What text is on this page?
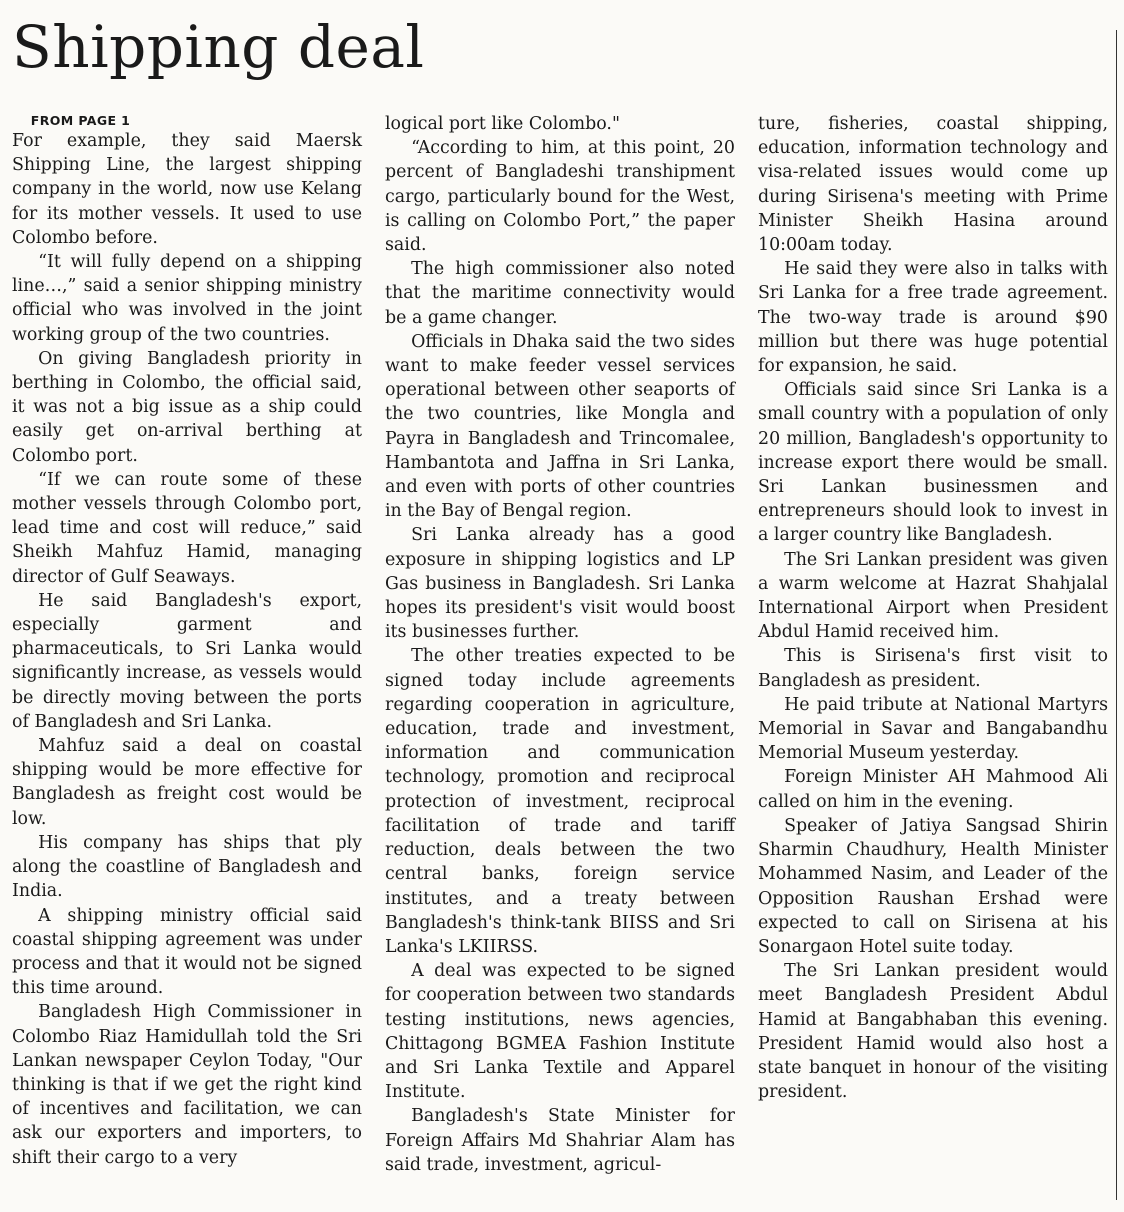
Shipping deal

FROM PAGE 1

For example, they said Maersk Shipping Line, the largest shipping company in the world, now use Kelang for its mother vessels. It used to use Colombo before.

“It will fully depend on a shipping line…,” said a senior shipping ministry official who was involved in the joint working group of the two countries.

On giving Bangladesh priority in berthing in Colombo, the official said, it was not a big issue as a ship could easily get on-arrival berthing at Colombo port.

“If we can route some of these mother vessels through Colombo port, lead time and cost will reduce,” said Sheikh Mahfuz Hamid, managing director of Gulf Seaways.

He said Bangladesh's export, especially garment and pharmaceuticals, to Sri Lanka would significantly increase, as vessels would be directly moving between the ports of Bangladesh and Sri Lanka.

Mahfuz said a deal on coastal shipping would be more effective for Bangladesh as freight cost would be low.

His company has ships that ply along the coastline of Bangladesh and India.

A shipping ministry official said coastal shipping agreement was under process and that it would not be signed this time around.

Bangladesh High Commissioner in Colombo Riaz Hamidullah told the Sri Lankan newspaper Ceylon Today, "Our thinking is that if we get the right kind of incentives and facilitation, we can ask our exporters and importers, to shift their cargo to a very

logical port like Colombo."

“According to him, at this point, 20 percent of Bangladeshi transhipment cargo, particularly bound for the West, is calling on Colombo Port,” the paper said.

The high commissioner also noted that the maritime connectivity would be a game changer.

Officials in Dhaka said the two sides want to make feeder vessel services operational between other seaports of the two countries, like Mongla and Payra in Bangladesh and Trincomalee, Hambantota and Jaffna in Sri Lanka, and even with ports of other countries in the Bay of Bengal region.

Sri Lanka already has a good exposure in shipping logistics and LP Gas business in Bangladesh. Sri Lanka hopes its president's visit would boost its businesses further.

The other treaties expected to be signed today include agreements regarding cooperation in agriculture, education, trade and investment, information and communication technology, promotion and reciprocal protection of investment, reciprocal facilitation of trade and tariff reduction, deals between the two central banks, foreign service institutes, and a treaty between Bangladesh's think-tank BIISS and Sri Lanka's LKIIRSS.

A deal was expected to be signed for cooperation between two standards testing institutions, news agencies, Chittagong BGMEA Fashion Institute and Sri Lanka Textile and Apparel Institute.

Bangladesh's State Minister for Foreign Affairs Md Shahriar Alam has said trade, investment, agricul-

ture, fisheries, coastal shipping, education, information technology and visa-related issues would come up during Sirisena's meeting with Prime Minister Sheikh Hasina around 10:00am today.

He said they were also in talks with Sri Lanka for a free trade agreement. The two-way trade is around $90 million but there was huge potential for expansion, he said.

Officials said since Sri Lanka is a small country with a population of only 20 million, Bangladesh's opportunity to increase export there would be small. Sri Lankan businessmen and entrepreneurs should look to invest in a larger country like Bangladesh.

The Sri Lankan president was given a warm welcome at Hazrat Shahjalal International Airport when President Abdul Hamid received him.

This is Sirisena's first visit to Bangladesh as president.

He paid tribute at National Martyrs Memorial in Savar and Bangabandhu Memorial Museum yesterday.

Foreign Minister AH Mahmood Ali called on him in the evening.

Speaker of Jatiya Sangsad Shirin Sharmin Chaudhury, Health Minister Mohammed Nasim, and Leader of the Opposition Raushan Ershad were expected to call on Sirisena at his Sonargaon Hotel suite today.

The Sri Lankan president would meet Bangladesh President Abdul Hamid at Bangabhaban this evening. President Hamid would also host a state banquet in honour of the visiting president.
